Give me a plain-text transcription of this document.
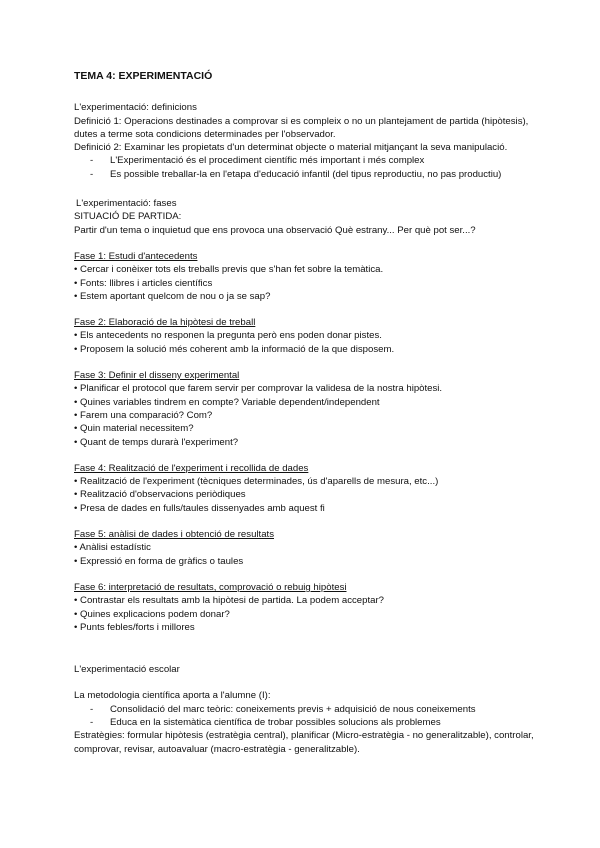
TEMA 4: EXPERIMENTACIÓ
L'experimentació: definicions
Definició 1: Operacions destinades a comprovar si es compleix o no un plantejament de partida (hipòtesis), dutes a terme sota condicions determinades per l'observador.
Definició 2: Examinar les propietats d'un determinat objecte o material mitjançant la seva manipulació.
- L'Experimentació és el procediment científic més important i més complex
- Es possible treballar-la en l'etapa d'educació infantil (del tipus reproductiu, no pas productiu)
L'experimentació: fases
SITUACIÓ DE PARTIDA:
Partir d'un tema o inquietud que ens provoca una observació Què estrany... Per què pot ser...?
Fase 1: Estudi d'antecedents
• Cercar i conèixer tots els treballs previs que s'han fet sobre la temàtica.
• Fonts: llibres i articles científics
• Estem aportant quelcom de nou o ja se sap?
Fase 2: Elaboració de la hipòtesi de treball
• Els antecedents no responen la pregunta però ens poden donar pistes.
• Proposem la solució més coherent amb la informació de la que disposem.
Fase 3: Definir el disseny experimental
• Planificar el protocol que farem servir per comprovar la validesa de la nostra hipòtesi.
• Quines variables tindrem en compte? Variable dependent/independent
• Farem una comparació? Com?
• Quin material necessitem?
• Quant de temps durarà l'experiment?
Fase 4: Realització de l'experiment i recollida de dades
• Realització de l'experiment (tècniques determinades, ús d'aparells de mesura, etc...)
• Realització d'observacions periòdiques
• Presa de dades en fulls/taules dissenyades amb aquest fi
Fase 5: anàlisi de dades i obtenció de resultats
• Anàlisi estadístic
• Expressió en forma de gràfics o taules
Fase 6: interpretació de resultats, comprovació o rebuig hipòtesi
• Contrastar els resultats amb la hipòtesi de partida. La podem acceptar?
• Quines explicacions podem donar?
• Punts febles/forts i millores
L'experimentació escolar
La metodologia científica aporta a l'alumne (I):
- Consolidació del marc teòric: coneixements previs + adquisició de nous coneixements
- Educa en la sistemàtica científica de trobar possibles solucions als problemes
Estratègies: formular hipòtesis (estratègia central), planificar (Micro-estratègia - no generalitzable), controlar, comprovar, revisar, autoavaluar (macro-estratègia - generalitzable).
